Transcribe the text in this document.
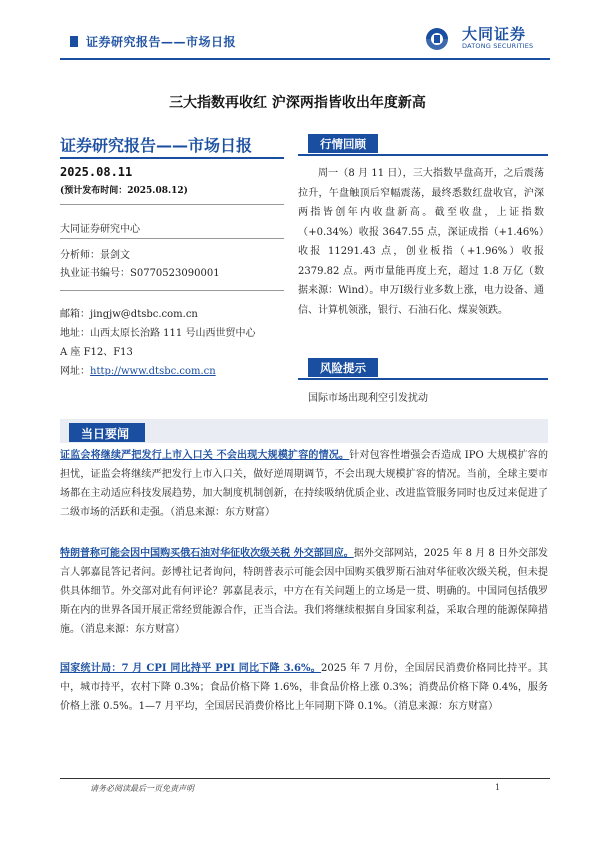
证券研究报告——市场日报	大同证券
DATONG SECURITIES
三大指数再收红 沪深两指皆收出年度新高
证券研究报告——市场日报
2025.08.11
(预计发布时间：2025.08.12)
大同证券研究中心
分析师：景剑文
执业证书编号：S0770523090001
邮箱：jingjw@dtsbc.com.cn
地址：山西太原长治路 111 号山西世贸中心
A 座 F12、F13
网址：http://www.dtsbc.com.cn
行情回顾
周一（8 月 11 日），三大指数早盘高开，之后震荡拉升，午盘触顶后窄幅震荡，最终悉数红盘收官，沪深两指皆创年内收盘新高。截至收盘，上证指数（+0.34%）收报 3647.55 点，深证成指（+1.46%）收报 11291.43 点，创业板指（+1.96%）收报 2379.82 点。两市量能再度上充，超过 1.8 万亿（数据来源：Wind）。申万Ⅰ级行业多数上涨，电力设备、通信、计算机领涨，银行、石油石化、煤炭领跌。
风险提示
国际市场出现利空引发扰动
当日要闻
证监会将继续严把发行上市入口关 不会出现大规模扩容的情况。针对包容性增强会否造成 IPO 大规模扩容的担忧，证监会将继续严把发行上市入口关，做好逆周期调节，不会出现大规模扩容的情况。当前，全球主要市场都在主动适应科技发展趋势，加大制度机制创新，在持续吸纳优质企业、改进监管服务同时也反过来促进了二级市场的活跃和走强。（消息来源：东方财富）
特朗普称可能会因中国购买俄石油对华征收次级关税 外交部回应。据外交部网站，2025 年 8 月 8 日外交部发言人郭嘉昆答记者问。彭博社记者询问，特朗普表示可能会因中国购买俄罗斯石油对华征收次级关税，但未提供具体细节。外交部对此有何评论？郭嘉昆表示，中方在有关问题上的立场是一贯、明确的。中国同包括俄罗斯在内的世界各国开展正常经贸能源合作，正当合法。我们将继续根据自身国家利益，采取合理的能源保障措施。（消息来源：东方财富）
国家统计局：7 月 CPI 同比持平 PPI 同比下降 3.6%。2025 年 7 月份，全国居民消费价格同比持平。其中，城市持平，农村下降 0.3%；食品价格下降 1.6%，非食品价格上涨 0.3%；消费品价格下降 0.4%，服务价格上涨 0.5%。1—7 月平均，全国居民消费价格比上年同期下降 0.1%。（消息来源：东方财富）
请务必阅读最后一页免责声明	1
